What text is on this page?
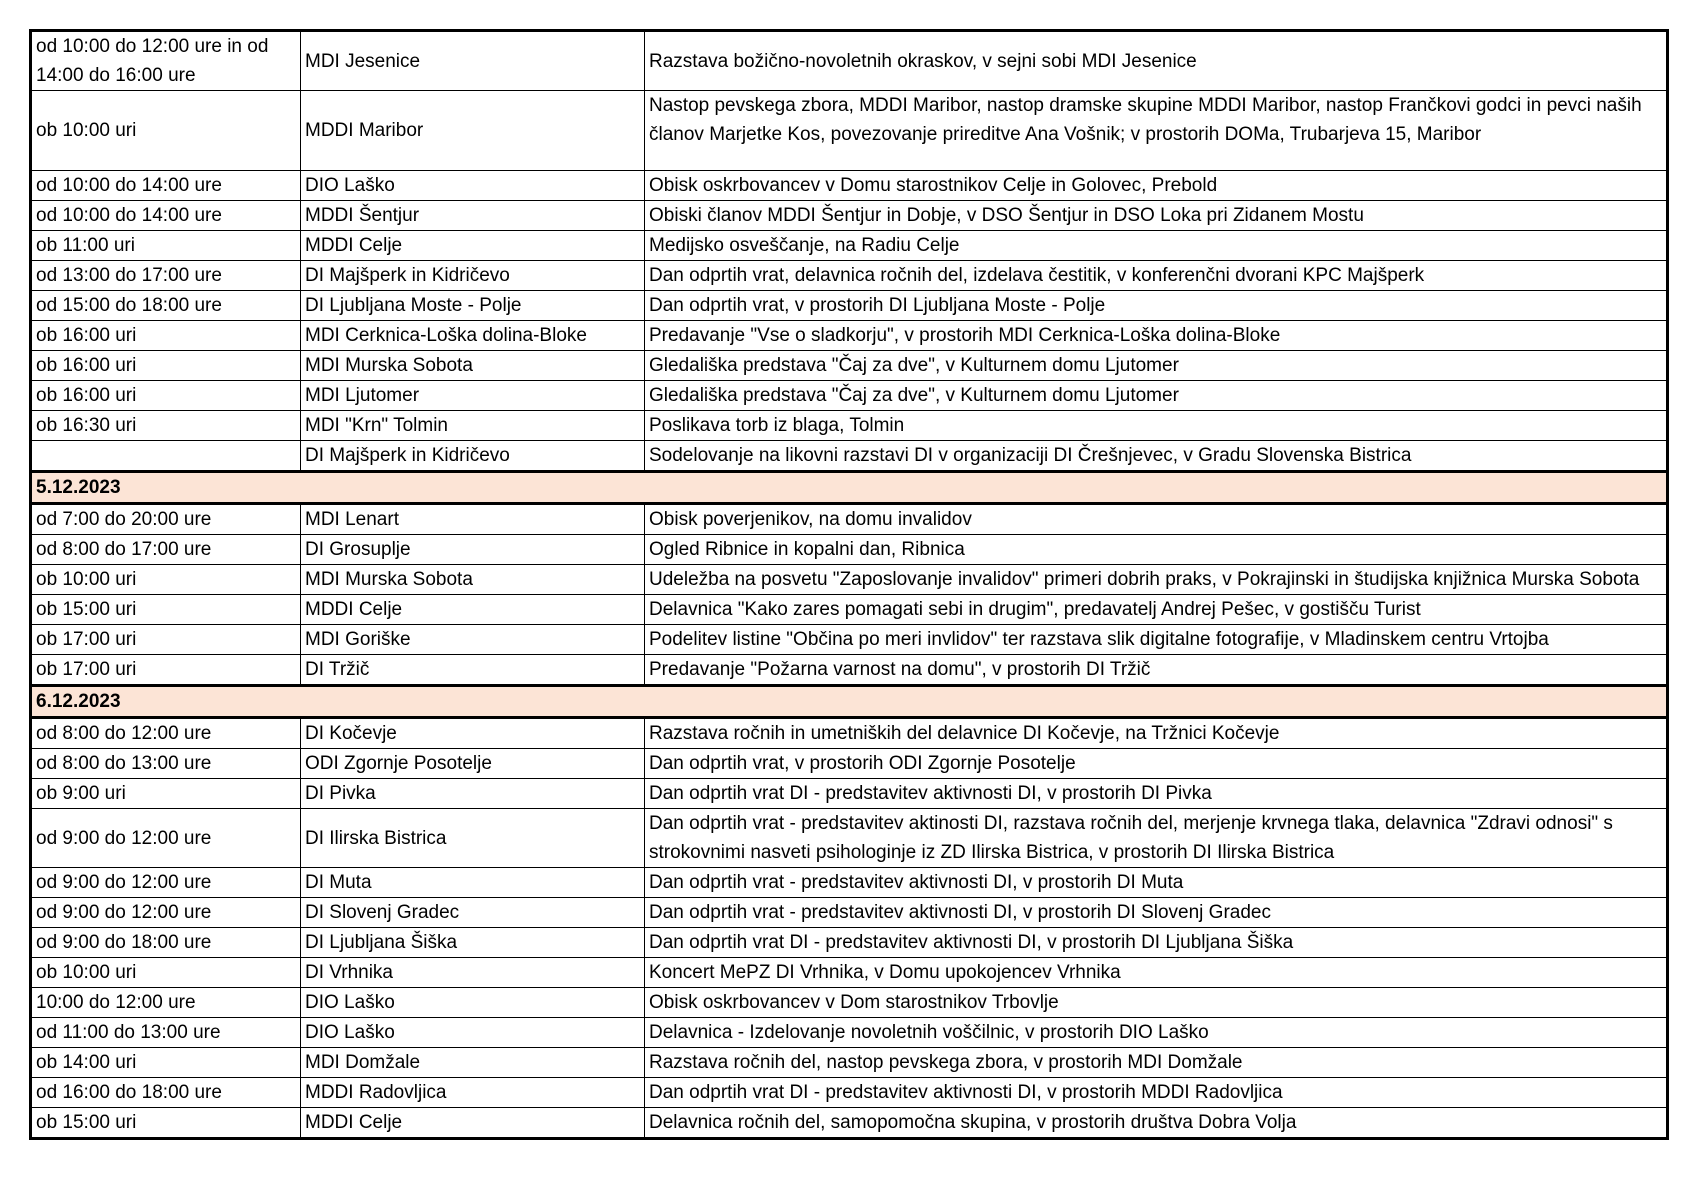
od 10:00 do 12:00 ure in od 14:00 do 16:00 ure	MDI Jesenice	Razstava božično-novoletnih okraskov, v sejni sobi MDI Jesenice
ob 10:00 uri	MDDI Maribor	Nastop pevskega zbora, MDDI Maribor, nastop dramske skupine MDDI Maribor, nastop Frančkovi godci in pevci naših članov Marjetke Kos, povezovanje prireditve Ana Vošnik; v prostorih DOMa, Trubarjeva 15, Maribor
od 10:00 do 14:00 ure	DIO Laško	Obisk oskrbovancev v Domu starostnikov Celje in Golovec, Prebold
od 10:00 do 14:00 ure	MDDI Šentjur	Obiski članov MDDI Šentjur in Dobje, v DSO Šentjur in DSO Loka pri Zidanem Mostu
ob 11:00 uri	MDDI Celje	Medijsko osveščanje, na Radiu Celje
od 13:00 do 17:00 ure	DI Majšperk in Kidričevo	Dan odprtih vrat, delavnica ročnih del, izdelava čestitik, v konferenčni dvorani KPC Majšperk
od 15:00 do 18:00 ure	DI Ljubljana Moste - Polje	Dan odprtih vrat, v prostorih DI Ljubljana Moste - Polje
ob 16:00 uri	MDI Cerknica-Loška dolina-Bloke	Predavanje "Vse o sladkorju", v prostorih MDI Cerknica-Loška dolina-Bloke
ob 16:00 uri	MDI Murska Sobota	Gledališka predstava "Čaj za dve", v Kulturnem domu Ljutomer
ob 16:00 uri	MDI Ljutomer	Gledališka predstava "Čaj za dve", v Kulturnem domu Ljutomer
ob 16:30 uri	MDI "Krn" Tolmin	Poslikava torb iz blaga, Tolmin
	DI Majšperk in Kidričevo	Sodelovanje na likovni razstavi DI v organizaciji DI Črešnjevec, v Gradu Slovenska Bistrica
5.12.2023		
od 7:00 do 20:00 ure	MDI Lenart	Obisk poverjenikov, na domu invalidov
od 8:00 do 17:00 ure	DI Grosuplje	Ogled Ribnice in kopalni dan, Ribnica
ob 10:00 uri	MDI Murska Sobota	Udeležba na posvetu "Zaposlovanje invalidov" primeri dobrih praks, v Pokrajinski in študijska knjižnica Murska Sobota
ob 15:00 uri	MDDI Celje	Delavnica "Kako zares pomagati sebi in drugim", predavatelj Andrej Pešec, v gostišču Turist
ob 17:00 uri	MDI Goriške	Podelitev listine "Občina po meri invlidov" ter razstava slik digitalne fotografije, v Mladinskem centru Vrtojba
ob 17:00 uri	DI Tržič	Predavanje "Požarna varnost na domu", v prostorih DI Tržič
6.12.2023		
od 8:00 do 12:00 ure	DI Kočevje	Razstava ročnih in umetniških del delavnice DI Kočevje, na Tržnici Kočevje
od 8:00 do 13:00 ure	ODI Zgornje Posotelje	Dan odprtih vrat, v prostorih ODI Zgornje Posotelje
ob 9:00 uri	DI Pivka	Dan odprtih vrat DI - predstavitev aktivnosti DI, v prostorih DI Pivka
od 9:00 do 12:00 ure	DI Ilirska Bistrica	Dan odprtih vrat - predstavitev aktinosti DI, razstava ročnih del, merjenje krvnega tlaka, delavnica "Zdravi odnosi" s strokovnimi nasveti psihologinje iz ZD Ilirska Bistrica, v prostorih DI Ilirska Bistrica
od 9:00 do 12:00 ure	DI Muta	Dan odprtih vrat - predstavitev aktivnosti DI, v prostorih DI Muta
od 9:00 do 12:00 ure	DI Slovenj Gradec	Dan odprtih vrat - predstavitev aktivnosti DI, v prostorih DI Slovenj Gradec
od 9:00 do 18:00 ure	DI Ljubljana Šiška	Dan odprtih vrat DI - predstavitev aktivnosti DI, v prostorih DI Ljubljana Šiška
ob 10:00 uri	DI Vrhnika	Koncert MePZ DI Vrhnika, v Domu upokojencev Vrhnika
10:00 do 12:00 ure	DIO Laško	Obisk oskrbovancev v Dom starostnikov Trbovlje
od 11:00 do 13:00 ure	DIO Laško	Delavnica - Izdelovanje novoletnih voščilnic, v prostorih DIO Laško
ob 14:00 uri	MDI Domžale	Razstava ročnih del, nastop pevskega zbora, v prostorih MDI Domžale
od 16:00 do 18:00 ure	MDDI Radovljica	Dan odprtih vrat DI - predstavitev aktivnosti DI, v prostorih MDDI Radovljica
ob 15:00 uri	MDDI Celje	Delavnica ročnih del, samopomočna skupina, v prostorih društva Dobra Volja
